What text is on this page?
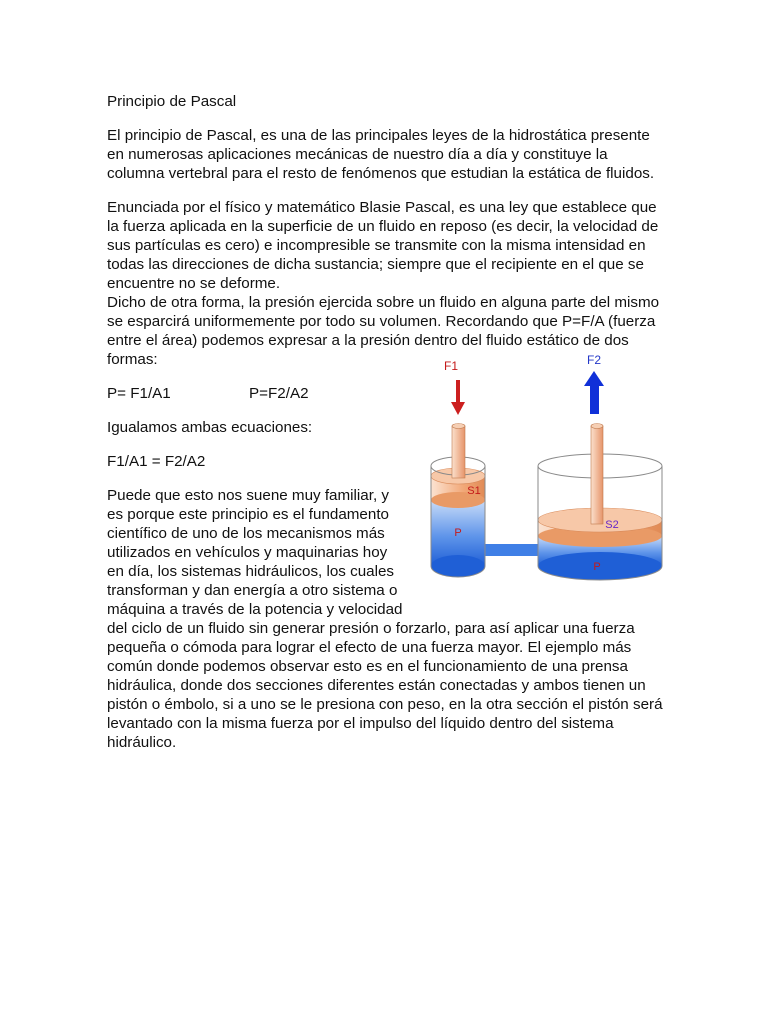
Principio de Pascal

El principio de Pascal, es una de las principales leyes de la hidrostática presente en numerosas aplicaciones mecánicas de nuestro día a día y constituye la columna vertebral para el resto de fenómenos que estudian la estática de fluidos.

Enunciada por el físico y matemático Blasie Pascal, es una ley que establece que la fuerza aplicada en la superficie de un fluido en reposo (es decir, la velocidad de sus partículas es cero) e incompresible se transmite con la misma intensidad en todas las direcciones de dicha sustancia; siempre que el recipiente en el que se encuentre no se deforme.

Dicho de otra forma, la presión ejercida sobre un fluido en alguna parte del mismo se esparcirá uniformemente por todo su volumen. Recordando que P=F/A (fuerza entre el área) podemos expresar a la presión dentro del fluido estático de dos formas:

P= F1/A1	P=F2/A2

Igualamos ambas ecuaciones:

F1/A1 = F2/A2

Puede que esto nos suene muy familiar, y es porque este principio es el fundamento científico de uno de los mecanismos más utilizados en vehículos y maquinarias hoy en día, los sistemas hidráulicos, los cuales transforman y dan energía a otro sistema o máquina a través de la potencia y velocidad

del ciclo de un fluido sin generar presión o forzarlo, para así aplicar una fuerza pequeña o cómoda para lograr el efecto de una fuerza mayor. El ejemplo más común donde podemos observar esto es en el funcionamiento de una prensa hidráulica, donde dos secciones diferentes están conectadas y ambos tienen un pistón o émbolo, si a uno se le presiona con peso, en la otra sección el pistón será levantado con la misma fuerza por el impulso del líquido dentro del sistema hidráulico.

F1	F2
S1
P
S2
P
